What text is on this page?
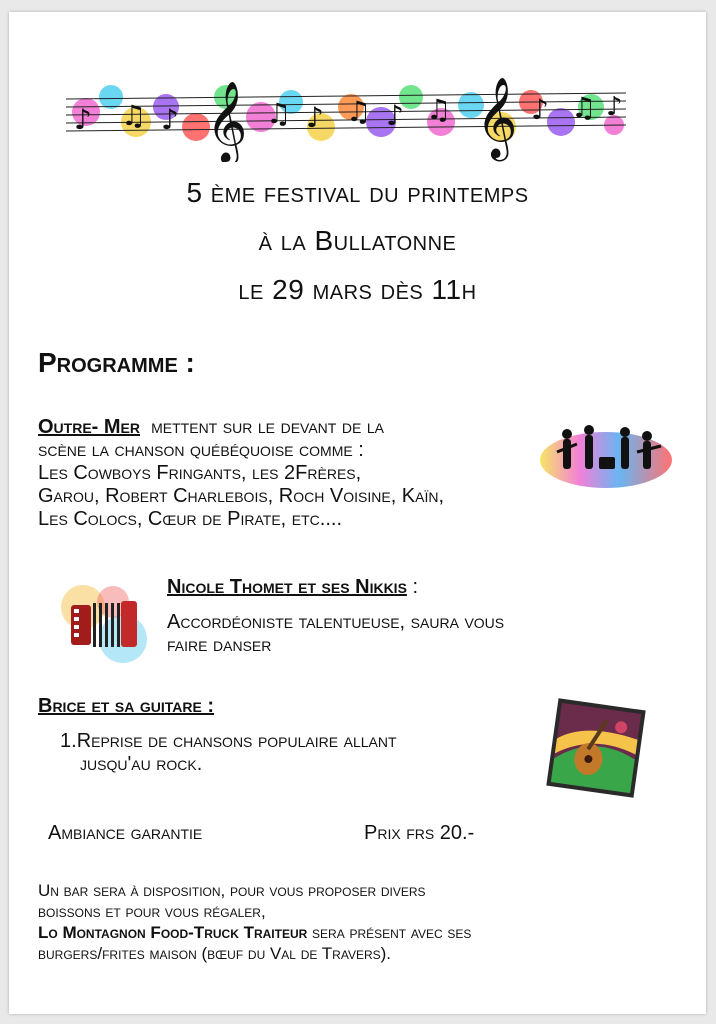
𝄞	𝄞
♪ ♫ ♪	♫ ♪ ♫ ♪ ♫	♪ ♫ ♪
5 ème festival du printemps
à la Bullatonne
le 29 mars dès 11h
Programme :
Outre- Mer mettent sur le devant de la
scène la chanson québéquoise comme :
Les Cowboys Fringants, les 2Frères,
Garou, Robert Charlebois, Roch Voisine, Kaïn,
Les Colocs, Cœur de Pirate, etc....
Nicole Thomet et ses Nikkis :
Accordéoniste talentueuse, saura vous
faire danser
Brice et sa guitare :
1.Reprise de chansons populaire allant
jusqu'au rock.
Ambiance garantie	Prix frs 20.-
Un bar sera à disposition, pour vous proposer divers
boissons et pour vous régaler,
Lo Montagnon Food-Truck Traiteur sera présent avec ses
burgers/frites maison (bœuf du Val de Travers).
